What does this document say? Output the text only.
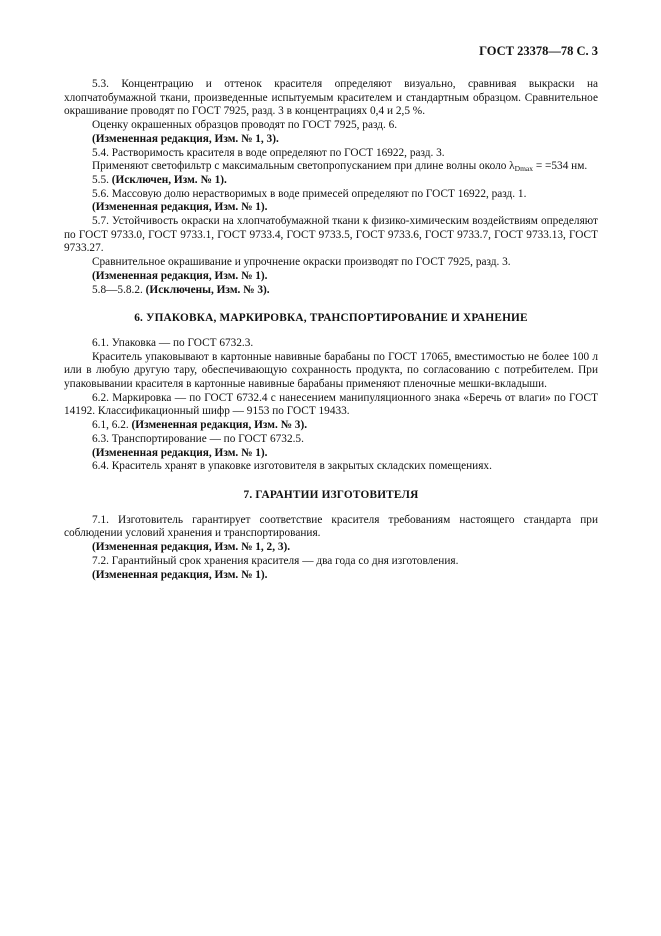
ГОСТ 23378—78 С. 3

5.3. Концентрацию и оттенок красителя определяют визуально, сравнивая выкраски на хлопчатобумажной ткани, произведенные испытуемым красителем и стандартным образцом. Сравнительное окрашивание проводят по ГОСТ 7925, разд. 3 в концентрациях 0,4 и 2,5 %.

Оценку окрашенных образцов проводят по ГОСТ 7925, разд. 6.

(Измененная редакция, Изм. № 1, 3).

5.4. Растворимость красителя в воде определяют по ГОСТ 16922, разд. 3.

Применяют светофильтр с максимальным светопропусканием при длине волны около $\lambda_{Dmax} = =534$ нм.

5.5. (Исключен, Изм. № 1).

5.6. Массовую долю нерастворимых в воде примесей определяют по ГОСТ 16922, разд. 1.

(Измененная редакция, Изм. № 1).

5.7. Устойчивость окраски на хлопчатобумажной ткани к физико-химическим воздействиям определяют по ГОСТ 9733.0, ГОСТ 9733.1, ГОСТ 9733.4, ГОСТ 9733.5, ГОСТ 9733.6, ГОСТ 9733.7, ГОСТ 9733.13, ГОСТ 9733.27.

Сравнительное окрашивание и упрочнение окраски производят по ГОСТ 7925, разд. 3.

(Измененная редакция, Изм. № 1).

5.8—5.8.2. (Исключены, Изм. № 3).

6. УПАКОВКА, МАРКИРОВКА, ТРАНСПОРТИРОВАНИЕ И ХРАНЕНИЕ

6.1. Упаковка — по ГОСТ 6732.3.

Краситель упаковывают в картонные навивные барабаны по ГОСТ 17065, вместимостью не более 100 л или в любую другую тару, обеспечивающую сохранность продукта, по согласованию с потребителем. При упаковывании красителя в картонные навивные барабаны применяют пленочные мешки-вкладыши.

6.2. Маркировка — по ГОСТ 6732.4 с нанесением манипуляционного знака «Беречь от влаги» по ГОСТ 14192. Классификационный шифр — 9153 по ГОСТ 19433.

6.1, 6.2. (Измененная редакция, Изм. № 3).

6.3. Транспортирование — по ГОСТ 6732.5.

(Измененная редакция, Изм. № 1).

6.4. Краситель хранят в упаковке изготовителя в закрытых складских помещениях.

7. ГАРАНТИИ ИЗГОТОВИТЕЛЯ

7.1. Изготовитель гарантирует соответствие красителя требованиям настоящего стандарта при соблюдении условий хранения и транспортирования.

(Измененная редакция, Изм. № 1, 2, 3).

7.2. Гарантийный срок хранения красителя — два года со дня изготовления.

(Измененная редакция, Изм. № 1).
